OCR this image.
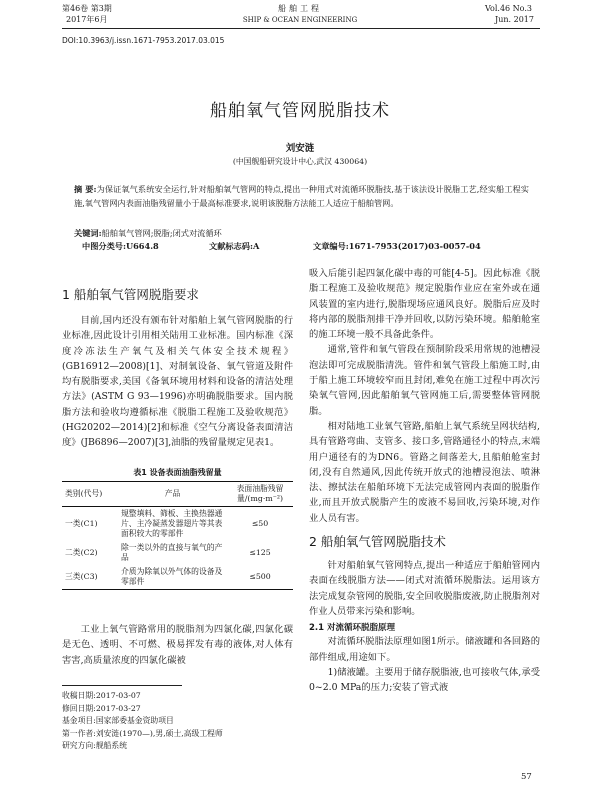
第46卷 第3期
2017年6月
船舶工程
SHIP & OCEAN ENGINEERING
Vol.46 No.3
Jun. 2017
DOI:10.3963/j.issn.1671-7953.2017.03.015
船舶氧气管网脱脂技术
刘安涟
(中国舰船研究设计中心,武汉 430064)
摘 要:为保证氧气系统安全运行,针对船舶氧气管网的特点,提出一种用式对流循环脱脂技,基于该法设计脱脂工艺,经实船工程实施,氧气管网内表面油脂残留量小于最高标准要求,说明该脱脂方法能工人适应于船舶管网。
关键词:船舶氧气管网;脱脂;闭式对流循环
中图分类号:U664.8	文献标志码:A	文章编号:1671-7953(2017)03-0057-04
1 船舶氧气管网脱脂要求

目前,国内还没有颁布针对船舶上氧气管网脱脂的行业标准,因此设计引用相关陆用工业标准。国内标准《深度冷冻法生产氧气及相关气体安全技术规程》(GB16912—2008)[1]、对制氧设备、氧气管道及附件均有脱脂要求,美国《备氧环境用材料和设备的清洁处理方法》(ASTM G 93—1996)亦明确脱脂要求。国内脱脂方法和验收均遵循标准《脱脂工程施工及验收规范》(HG20202—2014)[2]和标准《空气分离设备表面清洁度》(JB6896—2007)[3],油脂的残留量规定见表1。

表1 设备表面油脂残留量
类别(代号)	产品	表面油脂残留量/(mg·m⁻²)
一类(C1)	規整填料、筛板、主换热器通片、主冷凝蒸发器翅片等其表面积较大的零部件	≤50
二类(C2)	除一类以外的直接与氧气的产品	≤125
三类(C3)	介质为除氧以外气体的设备及零部件	≤500

工业上氧气管路常用的脱脂剂为四氯化碳,四氯化碳是无色、透明、不可燃、极易挥发有毒的液体,对人体有害害,高质量浓度的四氯化碳被

收稿日期:2017-03-07
修回日期:2017-03-27
基金项目:国家部委基金资助项目
第一作者:刘安涟(1970—),男,硕士,高级工程师
研究方向:舰船系统

吸入后能引起四氯化碳中毒的可能[4-5]。因此标准《脱脂工程施工及验收规范》规定脱脂作业应在室外或在通风装置的室内进行,脱脂现场应通风良好。脱脂后应及时将内部的脱脂剂排干净并回收,以防污染环境。船舶舱室的施工环境一般不具备此条件。

通常,管件和氧气管段在预制阶段采用常规的池槽浸泡法即可完成脱脂清洗。管件和氧气管段上船施工时,由于船上施工环境较窄而且封闭,难免在施工过程中再次污染氧气管网,因此船舶氧气管网施工后,需要整体管网脱脂。

相对陆地工业氧气管路,船舶上氧气系统呈网状结构,具有管路弯曲、支管多、接口多,管路通径小的特点,末端用户通径有的为DN6。管路之间落差大,且船舶舱室封闭,没有自然通风,因此传统开放式的池槽浸泡法、喷淋法、擦拭法在船舶环境下无法完成管网内表面的脱脂作业,而且开放式脱脂产生的废液不易回收,污染环境,对作业人员有害。

2 船舶氧气管网脱脂技术

针对船舶氧气管网特点,提出一种适应于船舶管网内表面在线脱脂方法——闭式对流循环脱脂法。运用该方法完成复杂管网的脱脂,安全回收脱脂废液,防止脱脂剂对作业人员带来污染和影响。

2.1 对流循环脱脂原理

对流循环脱脂法原理如图1所示。储液罐和各回路的部件组成,用途如下。

1)储液罐。主要用于储存脱脂液,也可接收气体,承受0~2.0 MPa的压力;安装了管式液

57
